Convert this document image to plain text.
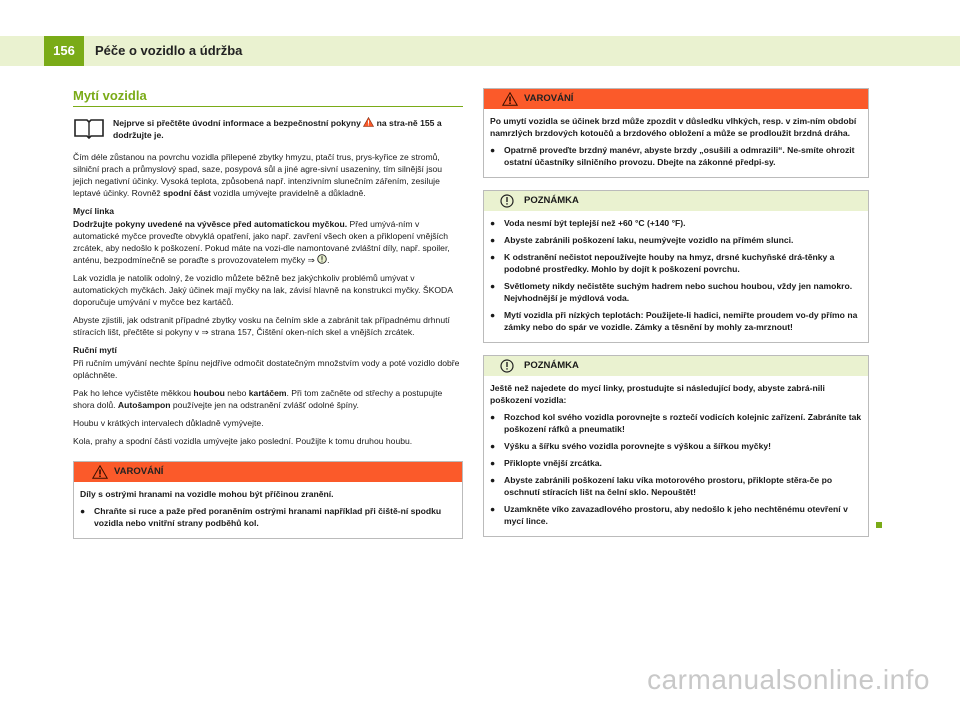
156	Péče o vozidlo a údržba
Mytí vozidla
Nejprve si přečtěte úvodní informace a bezpečnostní pokyny na stra-ně 155 a dodržujte je.

Čím déle zůstanou na povrchu vozidla přilepené zbytky hmyzu, ptačí trus, prys-kyřice ze stromů, silniční prach a průmyslový spad, saze, posypová sůl a jiné agre-sivní usazeniny, tím silnější jsou jejich negativní účinky. Vysoká teplota, způsobená např. intenzivním slunečním zářením, zesiluje leptavé účinky. Rovněž spodní část vozidla umývejte pravidelně a důkladně.

Mycí linka

Dodržujte pokyny uvedené na vývěsce před automatickou myčkou. Před umývá-ním v automatické myčce proveďte obvyklá opatření, jako např. zavření všech oken a přiklopení vnějších zrcátek, aby nedošlo k poškození. Pokud máte na vozi-dle namontované zvláštní díly, např. spoiler, anténu, bezpodmínečně se poraďte s provozovatelem myčky ⇒ .

Lak vozidla je natolik odolný, že vozidlo můžete běžně bez jakýchkoliv problémů umývat v automatických myčkách. Jaký účinek mají myčky na lak, závisí hlavně na konstrukci myčky. ŠKODA doporučuje umývání v myčce bez kartáčů.

Abyste zjistili, jak odstranit případné zbytky vosku na čelním skle a zabránit tak případnému drhnutí stíracích lišt, přečtěte si pokyny v ⇒ strana 157, Čištění oken-ních skel a vnějších zrcátek.

Ruční mytí

Při ručním umývání nechte špínu nejdříve odmočit dostatečným množstvím vody a poté vozidlo dobře opláchněte.

Pak ho lehce vyčistěte měkkou houbou nebo kartáčem. Při tom začněte od střechy a postupujte shora dolů. Autošampon používejte jen na odstranění zvlášť odolné špíny.

Houbu v krátkých intervalech důkladně vymývejte.

Kola, prahy a spodní části vozidla umývejte jako poslední. Použijte k tomu druhou houbu.

VAROVÁNÍ

Díly s ostrými hranami na vozidle mohou být příčinou zranění.

●	Chraňte si ruce a paže před poraněním ostrými hranami například při čiště-ní spodku vozidla nebo vnitřní strany podběhů kol.
VAROVÁNÍ

Po umytí vozidla se účinek brzd může zpozdit v důsledku vlhkých, resp. v zim-ním období namrzlých brzdových kotoučů a brzdového obložení a může se prodloužit brzdná dráha.

●	Opatrně proveďte brzdný manévr, abyste brzdy „osušili a odmrazili“. Ne-smíte ohrozit ostatní účastníky silničního provozu. Dbejte na zákonné předpi-sy.
POZNÁMKA
●	Voda nesmí být teplejší než +60 °C (+140 °F).
●	Abyste zabránili poškození laku, neumývejte vozidlo na přímém slunci.
●	K odstranění nečistot nepoužívejte houby na hmyz, drsné kuchyňské drá-těnky a podobné prostředky. Mohlo by dojít k poškození povrchu.
●	Světlomety nikdy nečistěte suchým hadrem nebo suchou houbou, vždy jen namokro. Nejvhodnější je mýdlová voda.
●	Mytí vozidla při nízkých teplotách: Použijete-li hadici, nemiřte proudem vo-dy přímo na zámky nebo do spár ve vozidle. Zámky a těsnění by mohly za-mrznout!
POZNÁMKA

Ještě než najedete do mycí linky, prostudujte si následující body, abyste zabrá-nili poškození vozidla:

●	Rozchod kol svého vozidla porovnejte s roztečí vodicích kolejnic zařízení. Zabráníte tak poškození ráfků a pneumatik!
●	Výšku a šířku svého vozidla porovnejte s výškou a šířkou myčky!
●	Přiklopte vnější zrcátka.
●	Abyste zabránili poškození laku víka motorového prostoru, přiklopte stěra-če po oschnutí stíracích lišt na čelní sklo. Nepouštět!
●	Uzamkněte víko zavazadlového prostoru, aby nedošlo k jeho nechtěnému otevření v mycí lince.
carmanualsonline.info
